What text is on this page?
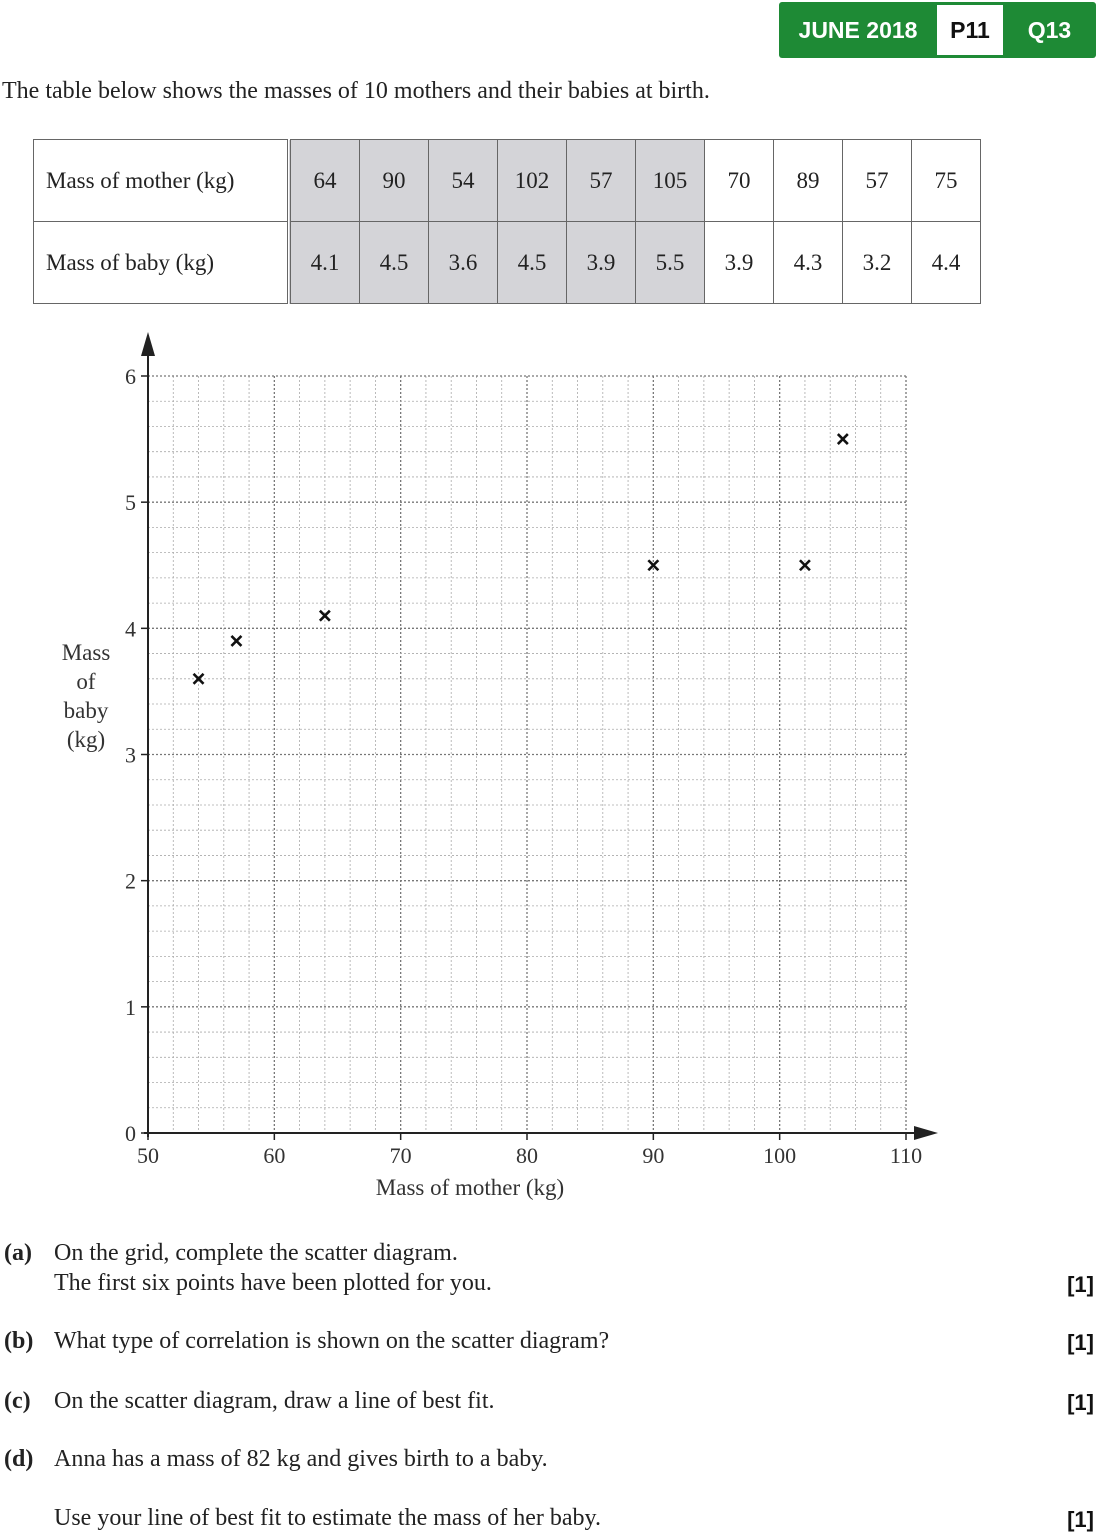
JUNE 2018	P11	Q13
The table below shows the masses of 10 mothers and their babies at birth.
Mass of mother (kg)	64	90	54	102	57	105	70	89	57	75
Mass of baby (kg)	4.1	4.5	3.6	4.5	3.9	5.5	3.9	4.3	3.2	4.4
50	60	70	80	90	100	110
0
1
2
3
4
5
6
Mass of mother (kg)
Mass
of
baby
(kg)
(a) On the grid, complete the scatter diagram.
The first six points have been plotted for you.	[1]
(b) What type of correlation is shown on the scatter diagram?	[1]
(c) On the scatter diagram, draw a line of best fit.	[1]
(d) Anna has a mass of 82 kg and gives birth to a baby.
Use your line of best fit to estimate the mass of her baby.	[1]
